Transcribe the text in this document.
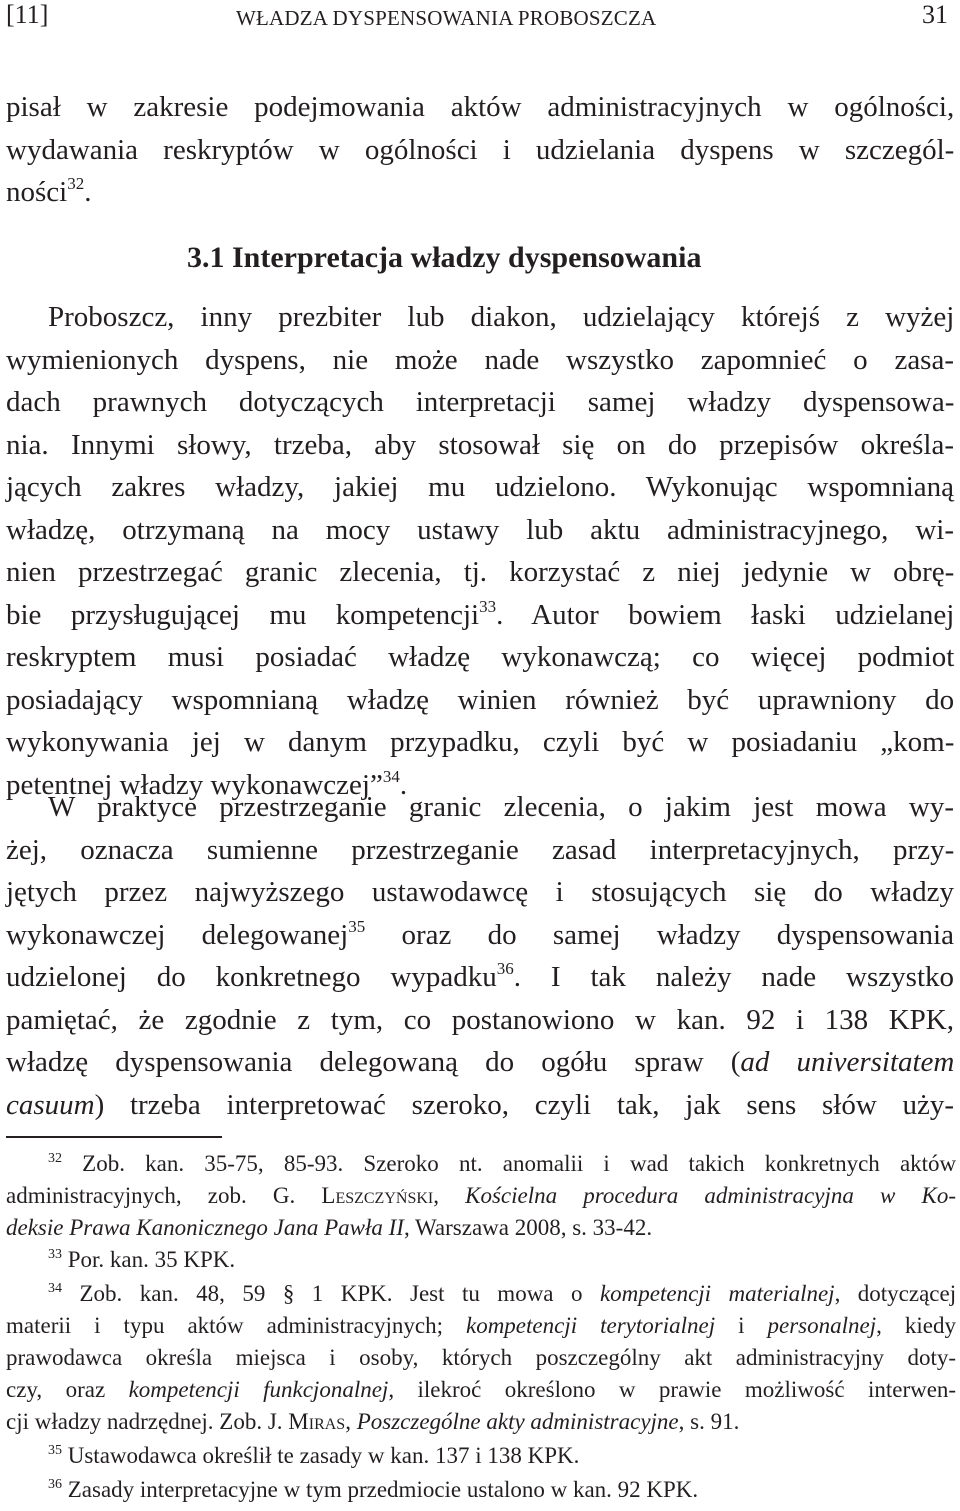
[11]	WŁADZA DYSPENSOWANIA PROBOSZCZA	31
pisał w zakresie podejmowania aktów administracyjnych w ogólności,
wydawania reskryptów w ogólności i udzielania dyspens w szczegól-
ności$^{32}$.
3.1 Interpretacja władzy dyspensowania
Proboszcz, inny prezbiter lub diakon, udzielający którejś z wyżej
wymienionych dyspens, nie może nade wszystko zapomnieć o zasa-
dach prawnych dotyczących interpretacji samej władzy dyspensowa-
nia. Innymi słowy, trzeba, aby stosował się on do przepisów określa-
jących zakres władzy, jakiej mu udzielono. Wykonując wspomnianą
władzę, otrzymaną na mocy ustawy lub aktu administracyjnego, wi-
nien przestrzegać granic zlecenia, tj. korzystać z niej jedynie w obrę-
bie przysługującej mu kompetencji$^{33}$. Autor bowiem łaski udzielanej
reskryptem musi posiadać władzę wykonawczą; co więcej podmiot
posiadający wspomnianą władzę winien również być uprawniony do
wykonywania jej w danym przypadku, czyli być w posiadaniu „kom-
petentnej władzy wykonawczej”$^{34}$.
W praktyce przestrzeganie granic zlecenia, o jakim jest mowa wy-
żej, oznacza sumienne przestrzeganie zasad interpretacyjnych, przy-
jętych przez najwyższego ustawodawcę i stosujących się do władzy
wykonawczej delegowanej$^{35}$ oraz do samej władzy dyspensowania
udzielonej do konkretnego wypadku$^{36}$. I tak należy nade wszystko
pamiętać, że zgodnie z tym, co postanowiono w kan. 92 i 138 KPK,
władzę dyspensowania delegowaną do ogółu spraw (ad universitatem
casuum) trzeba interpretować szeroko, czyli tak, jak sens słów uży-
$^{32}$ Zob. kan. 35-75, 85-93. Szeroko nt. anomalii i wad takich konkretnych aktów
administracyjnych, zob. G. Leszczyński, Kościelna procedura administracyjna w Ko-
deksie Prawa Kanonicznego Jana Pawła II, Warszawa 2008, s. 33-42.
$^{33}$ Por. kan. 35 KPK.
$^{34}$ Zob. kan. 48, 59 § 1 KPK. Jest tu mowa o kompetencji materialnej, dotyczącej
materii i typu aktów administracyjnych; kompetencji terytorialnej i personalnej, kiedy
prawodawca określa miejsca i osoby, których poszczególny akt administracyjny doty-
czy, oraz kompetencji funkcjonalnej, ilekroć określono w prawie możliwość interwen-
cji władzy nadrzędnej. Zob. J. Miras, Poszczególne akty administracyjne, s. 91.
$^{35}$ Ustawodawca określił te zasady w kan. 137 i 138 KPK.
$^{36}$ Zasady interpretacyjne w tym przedmiocie ustalono w kan. 92 KPK.
